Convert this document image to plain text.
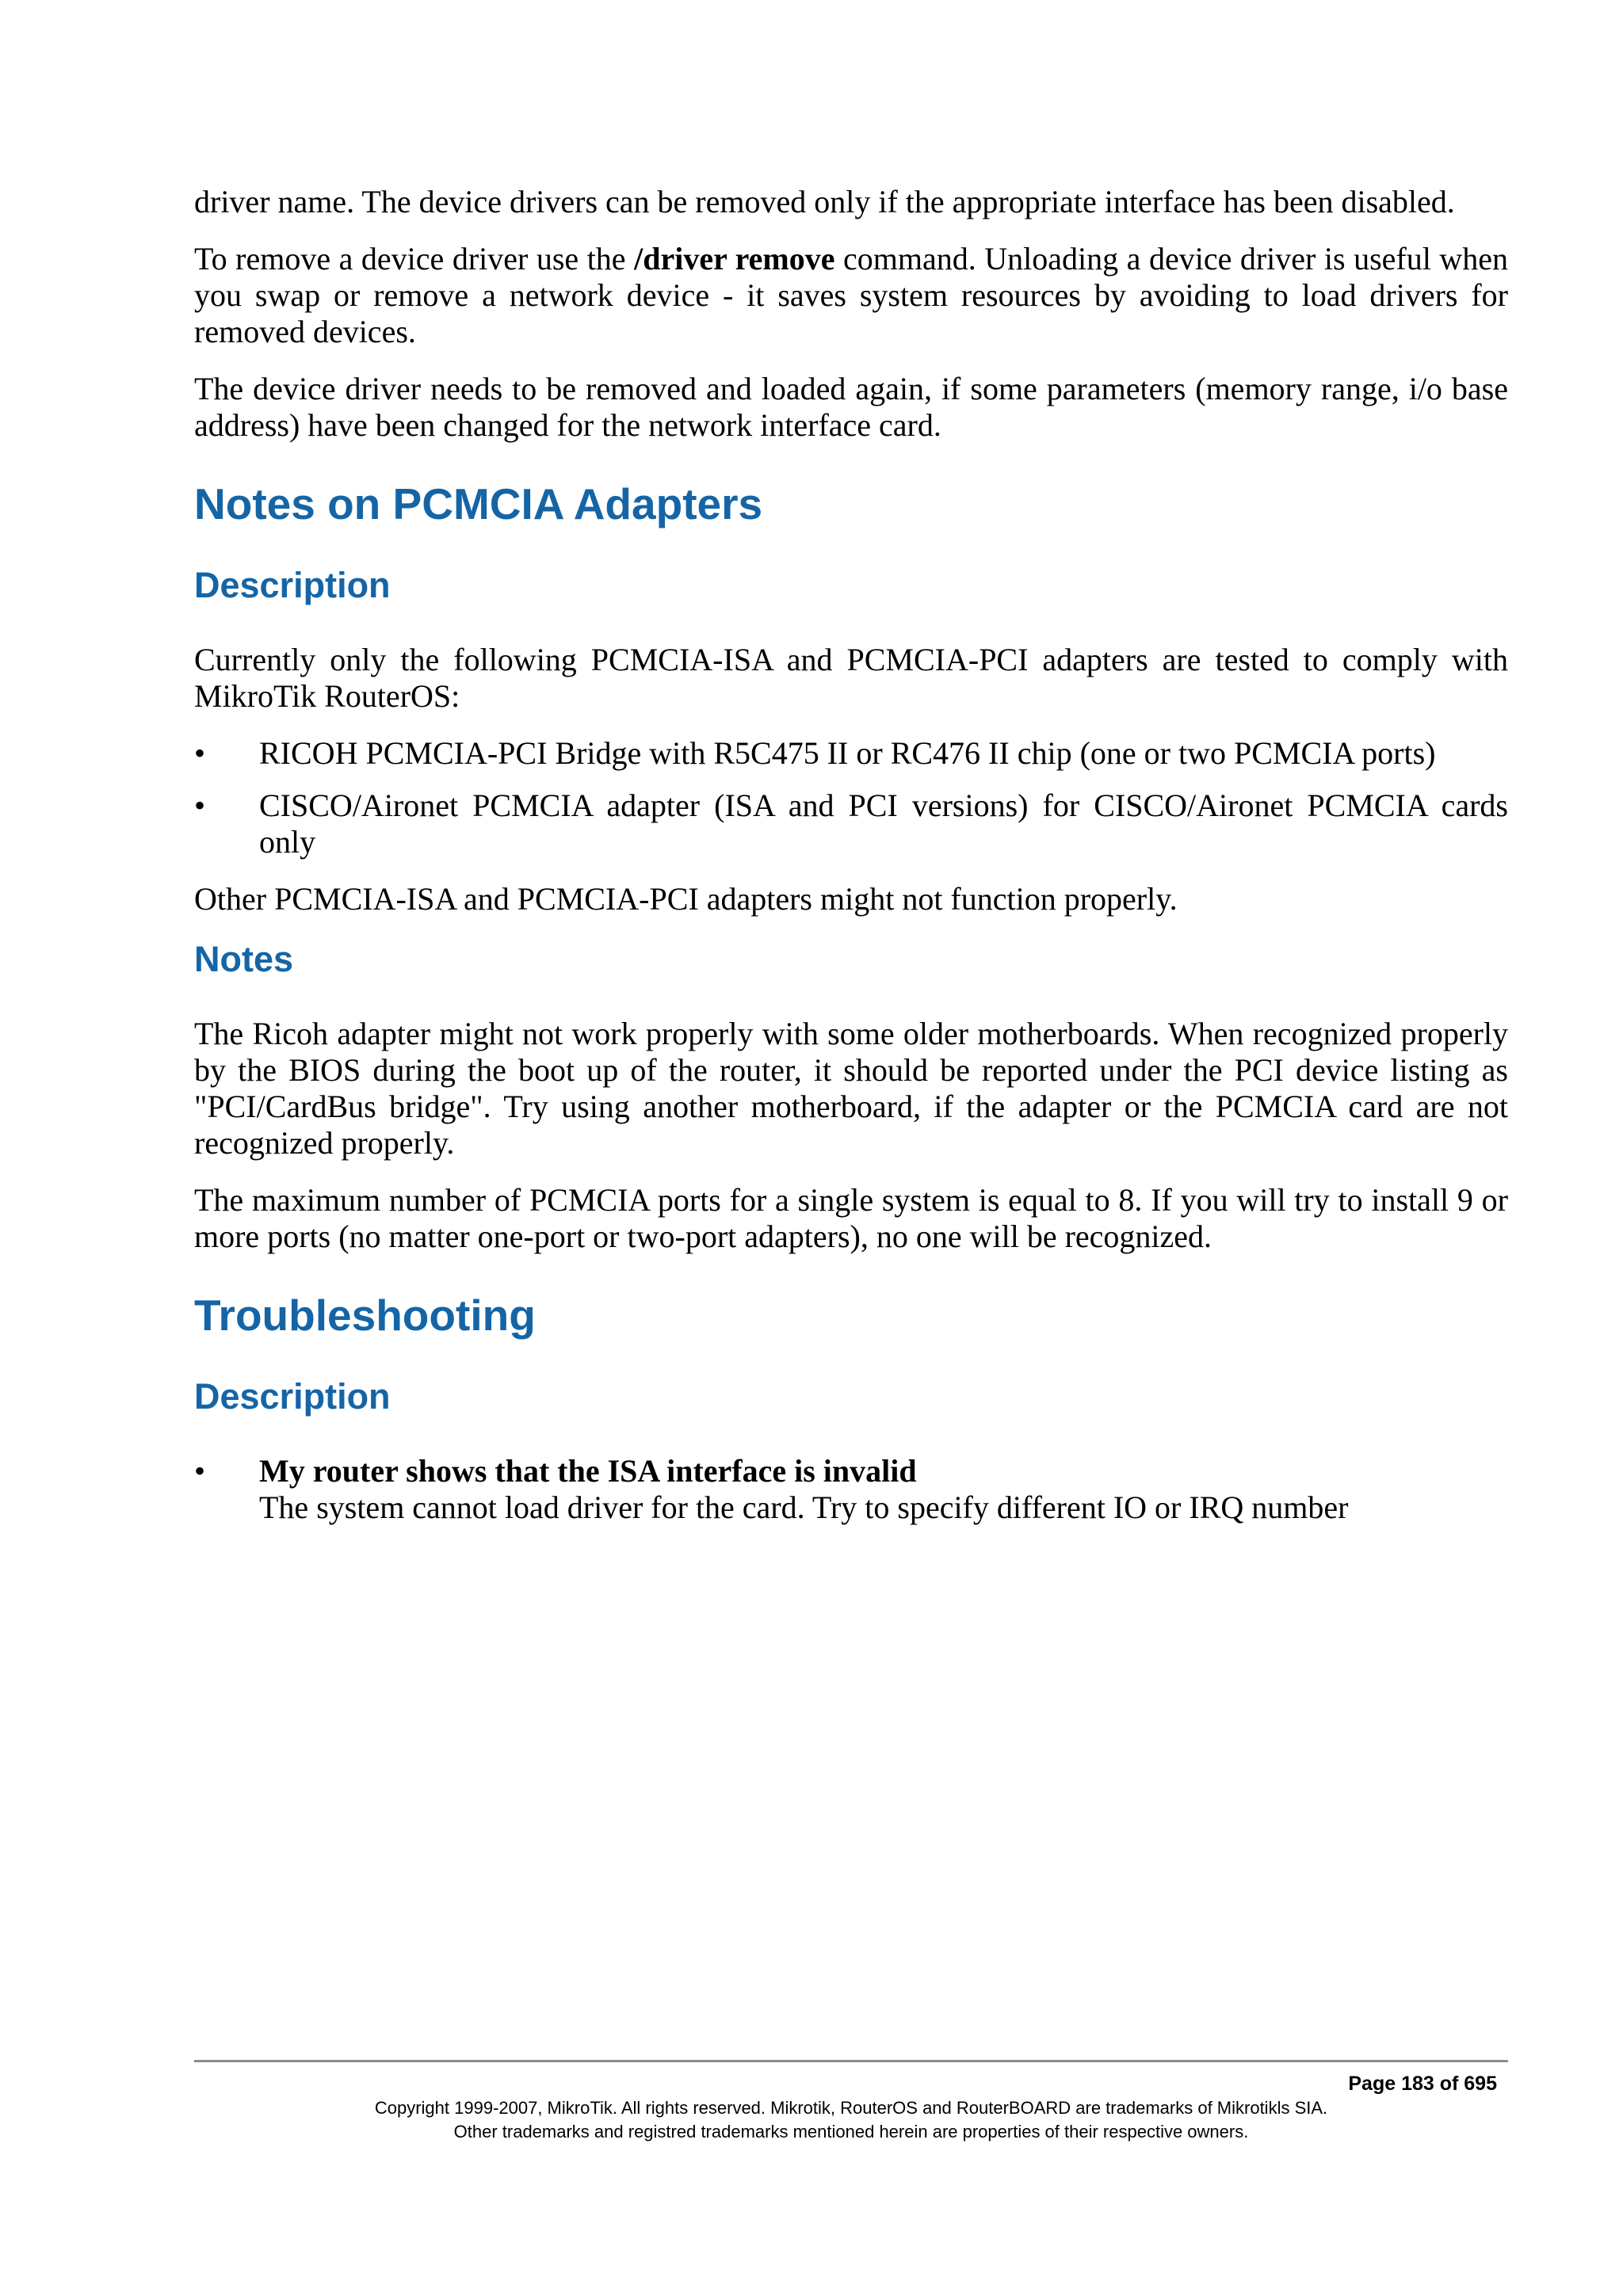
driver name. The device drivers can be removed only if the appropriate interface has been disabled.

To remove a device driver use the /driver remove command. Unloading a device driver is useful when you swap or remove a network device - it saves system resources by avoiding to load drivers for removed devices.

The device driver needs to be removed and loaded again, if some parameters (memory range, i/o base address) have been changed for the network interface card.

Notes on PCMCIA Adapters
Description

Currently only the following PCMCIA-ISA and PCMCIA-PCI adapters are tested to comply with MikroTik RouterOS:

• RICOH PCMCIA-PCI Bridge with R5C475 II or RC476 II chip (one or two PCMCIA ports)
• CISCO/Aironet PCMCIA adapter (ISA and PCI versions) for CISCO/Aironet PCMCIA cards only

Other PCMCIA-ISA and PCMCIA-PCI adapters might not function properly.

Notes

The Ricoh adapter might not work properly with some older motherboards. When recognized properly by the BIOS during the boot up of the router, it should be reported under the PCI device listing as "PCI/CardBus bridge". Try using another motherboard, if the adapter or the PCMCIA card are not recognized properly.

The maximum number of PCMCIA ports for a single system is equal to 8. If you will try to install 9 or more ports (no matter one-port or two-port adapters), no one will be recognized.

Troubleshooting
Description
• My router shows that the ISA interface is invalid
The system cannot load driver for the card. Try to specify different IO or IRQ number
Page 183 of 695
Copyright 1999-2007, MikroTik. All rights reserved. Mikrotik, RouterOS and RouterBOARD are trademarks of Mikrotikls SIA.
Other trademarks and registred trademarks mentioned herein are properties of their respective owners.
